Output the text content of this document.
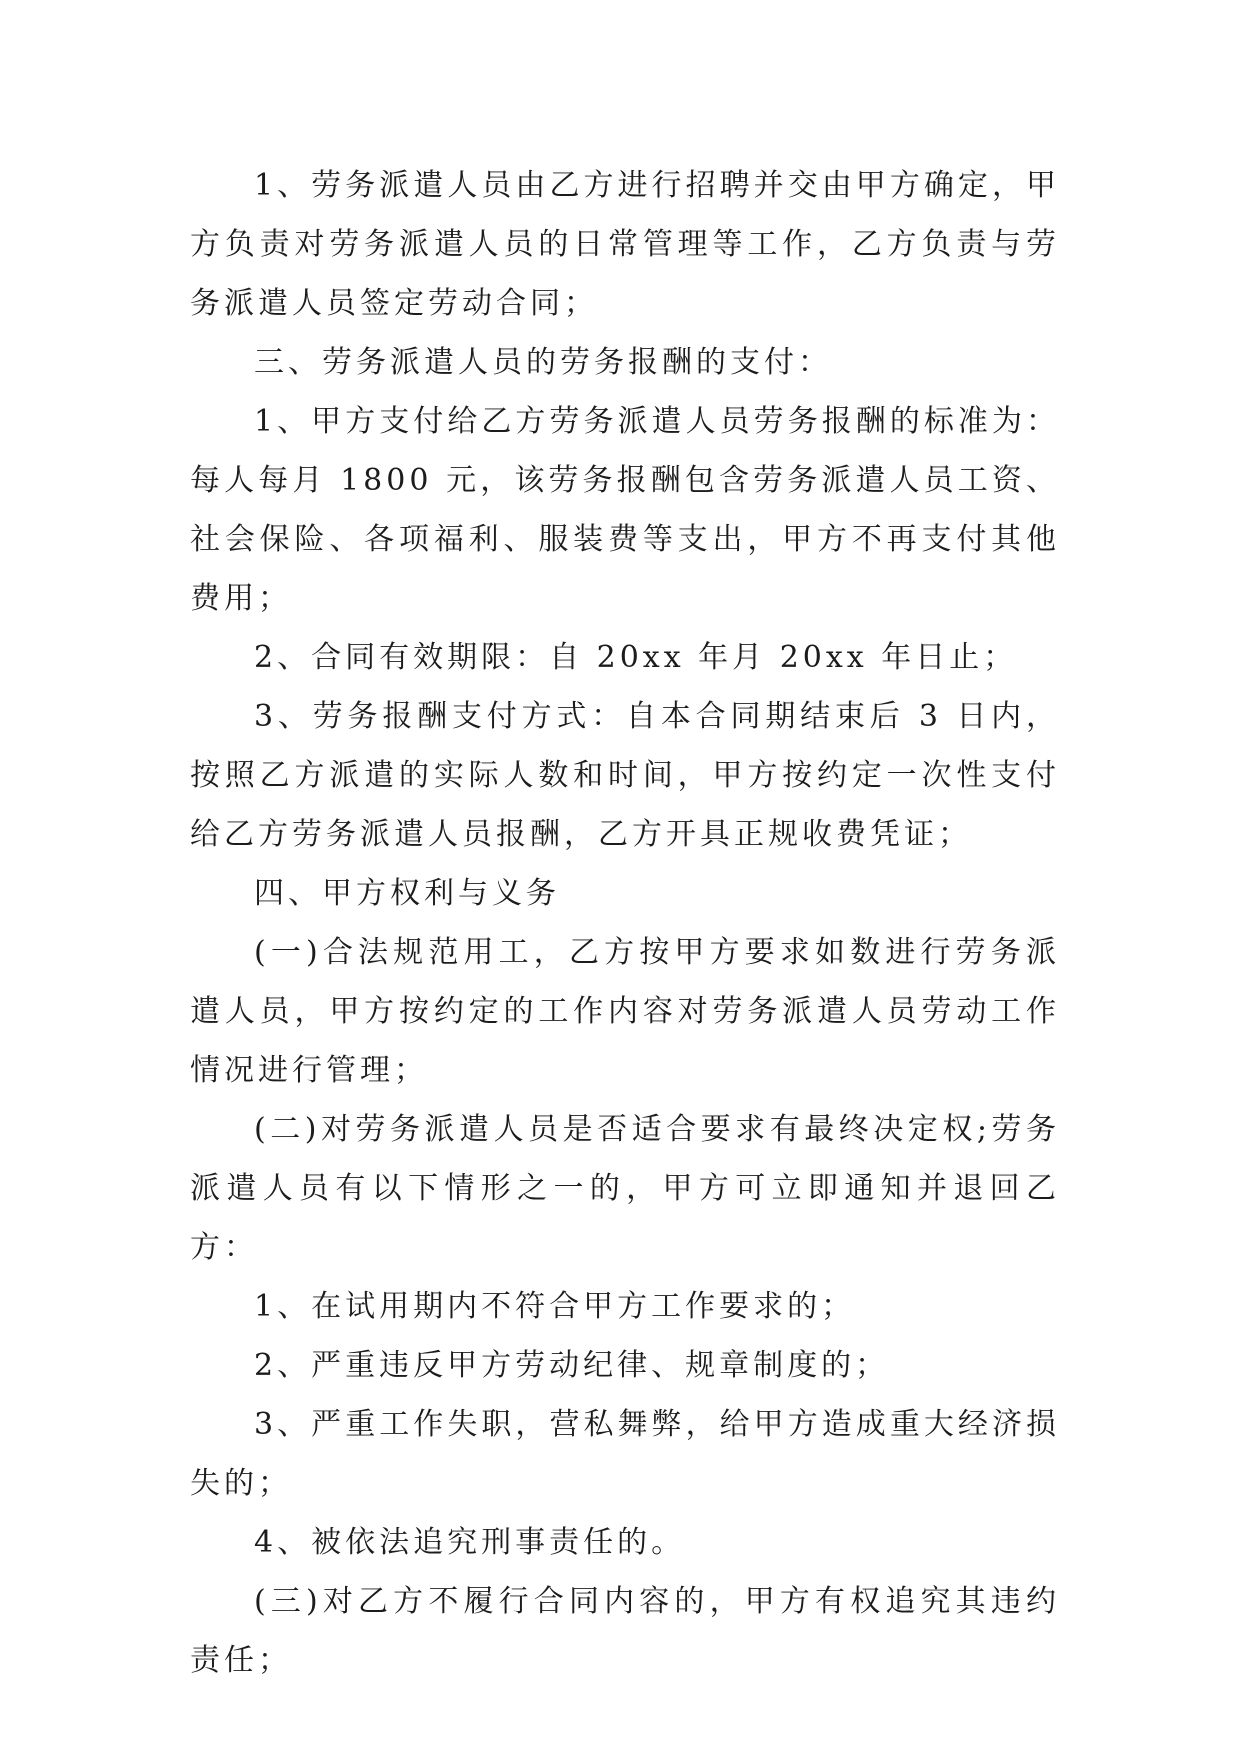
1、劳务派遣人员由乙方进行招聘并交由甲方确定，甲方负责对劳务派遣人员的日常管理等工作，乙方负责与劳务派遣人员签定劳动合同；

三、劳务派遣人员的劳务报酬的支付：

1、甲方支付给乙方劳务派遣人员劳务报酬的标准为：每人每月 1800 元，该劳务报酬包含劳务派遣人员工资、社会保险、各项福利、服装费等支出，甲方不再支付其他费用；

2、合同有效期限：自 20xx 年月 20xx 年日止；

3、劳务报酬支付方式：自本合同期结束后 3 日内，按照乙方派遣的实际人数和时间，甲方按约定一次性支付给乙方劳务派遣人员报酬，乙方开具正规收费凭证；

四、甲方权利与义务

(一)合法规范用工，乙方按甲方要求如数进行劳务派遣人员，甲方按约定的工作内容对劳务派遣人员劳动工作情况进行管理；

(二)对劳务派遣人员是否适合要求有最终决定权;劳务派遣人员有以下情形之一的，甲方可立即通知并退回乙方：

1、在试用期内不符合甲方工作要求的；

2、严重违反甲方劳动纪律、规章制度的；

3、严重工作失职，营私舞弊，给甲方造成重大经济损失的；

4、被依法追究刑事责任的。

(三)对乙方不履行合同内容的，甲方有权追究其违约责任；
